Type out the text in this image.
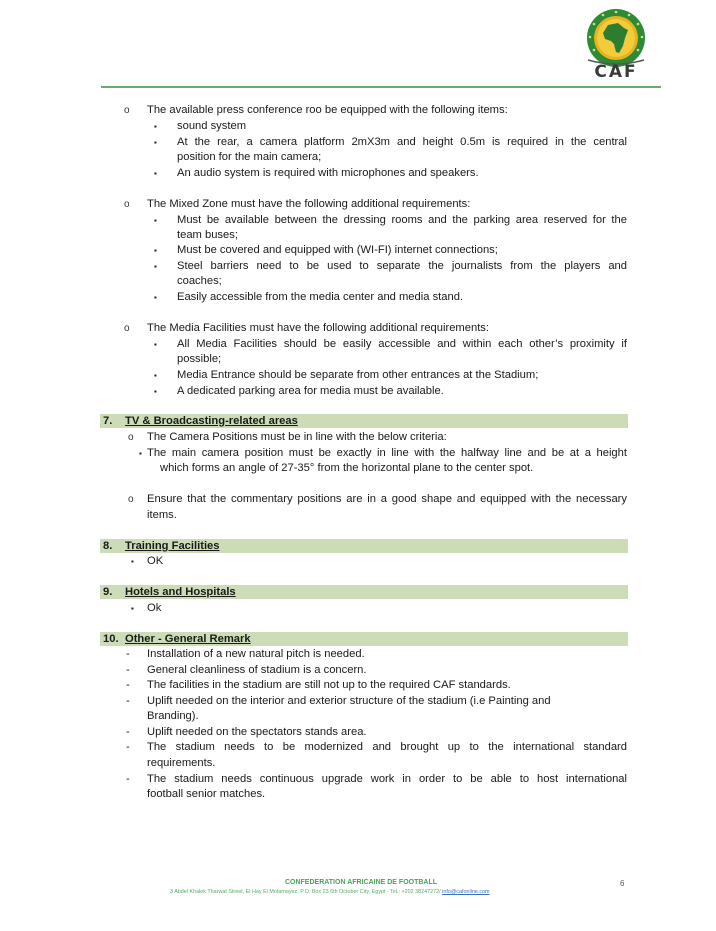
CAF
o The available press conference roo be equipped with the following items:
▪ sound system
▪ At the rear, a camera platform 2mX3m and height 0.5m is required in the central
position for the main camera;
▪ An audio system is required with microphones and speakers.
o The Mixed Zone must have the following additional requirements:
▪ Must be available between the dressing rooms and the parking area reserved for the
team buses;
▪ Must be covered and equipped with (WI-FI) internet connections;
▪ Steel barriers need to be used to separate the journalists from the players and
coaches;
▪ Easily accessible from the media center and media stand.
o The Media Facilities must have the following additional requirements:
▪ All Media Facilities should be easily accessible and within each other’s proximity if
possible;
▪ Media Entrance should be separate from other entrances at the Stadium;
▪ A dedicated parking area for media must be available.
7. TV & Broadcasting-related areas
o The Camera Positions must be in line with the below criteria:
▪ The main camera position must be exactly in line with the halfway line and be at a height
which forms an angle of 27-35° from the horizontal plane to the center spot.
o Ensure that the commentary positions are in a good shape and equipped with the necessary
items.
8. Training Facilities
▪ OK
9. Hotels and Hospitals
▪ Ok
10. Other - General Remark
- Installation of a new natural pitch is needed.
- General cleanliness of stadium is a concern.
- The facilities in the stadium are still not up to the required CAF standards.
- Uplift needed on the interior and exterior structure of the stadium (i.e Painting and
Branding).
- Uplift needed on the spectators stands area.
- The stadium needs to be modernized and brought up to the international standard
requirements.
- The stadium needs continuous upgrade work in order to be able to host international
football senior matches.
CONFEDERATION AFRICAINE DE FOOTBALL
3 Abdel Khalek Tharwat Street, El Hay El Motamayez, P.O. Box 23 6th October City, Egypt - Tel.: +202 38247272/ info@cafonline.com
6
